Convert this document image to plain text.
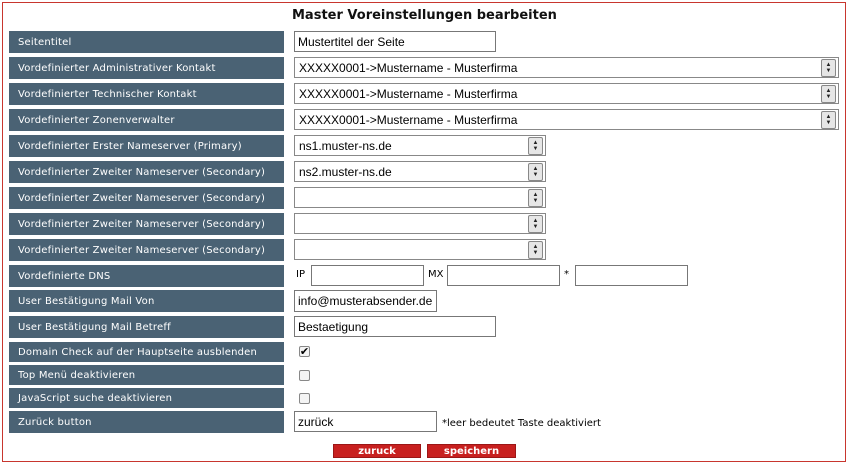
Master Voreinstellungen bearbeiten
Seitentitel	Mustertitel der Seite
Vordefinierter Administrativer Kontakt	XXXXX0001->Mustername - Musterfirma	▲
▼
Vordefinierter Technischer Kontakt	XXXXX0001->Mustername - Musterfirma	▲
▼
Vordefinierter Zonenverwalter	XXXXX0001->Mustername - Musterfirma	▲
▼
Vordefinierter Erster Nameserver (Primary)	ns1.muster-ns.de	▲
▼
Vordefinierter Zweiter Nameserver (Secondary)	ns2.muster-ns.de	▲
▼
Vordefinierter Zweiter Nameserver (Secondary)	▲
▼
Vordefinierter Zweiter Nameserver (Secondary)	▲
▼
Vordefinierter Zweiter Nameserver (Secondary)	▲
▼
Vordefinierte DNS	IP	MX	*
User Bestätigung Mail Von	info@musterabsender.de
User Bestätigung Mail Betreff	Bestaetigung
Domain Check auf der Hauptseite ausblenden	✔
Top Menü deaktivieren
JavaScript suche deaktivieren
Zurück button	zurück	*leer bedeutet Taste deaktiviert
zuruck	speichern
